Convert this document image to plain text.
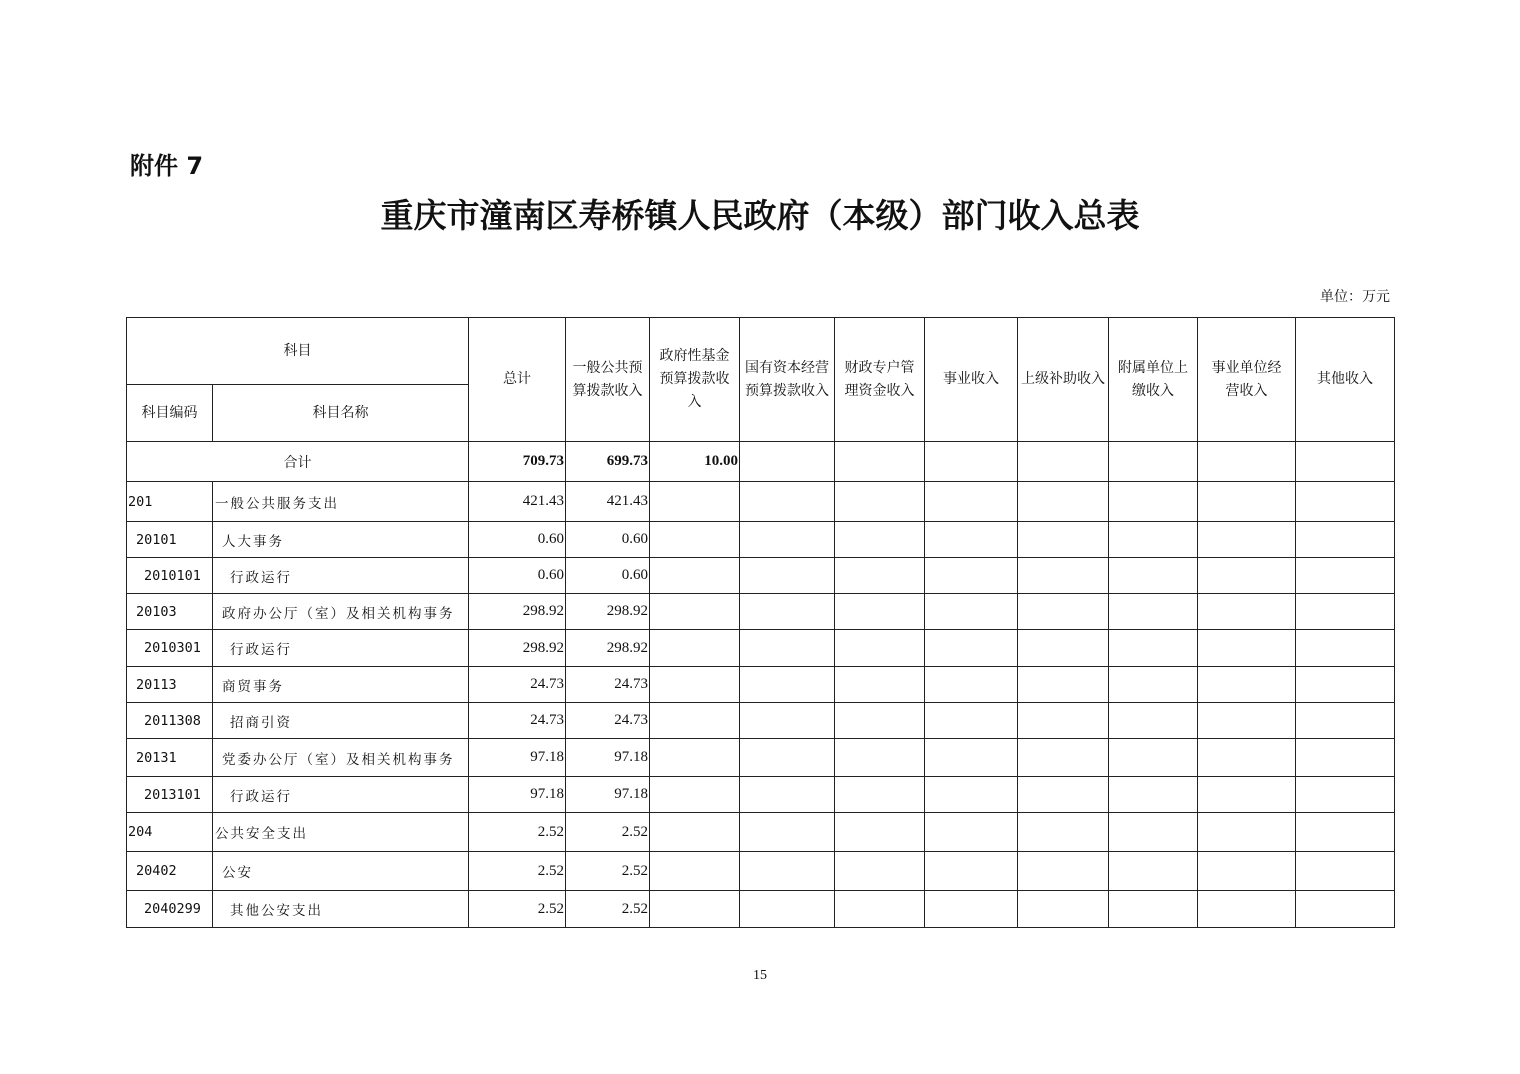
附件 7
重庆市潼南区寿桥镇人民政府（本级）部门收入总表
单位：万元
科目		总计	一般公共预算拨款收入	政府性基金预算拨款收入	国有资本经营预算拨款收入	财政专户管理资金收入	事业收入	上级补助收入	附属单位上缴收入	事业单位经营收入	其他收入
科目编码	科目名称										
合计		709.73	699.73	10.00							
201	一般公共服务支出	421.43	421.43								
20101	人大事务	0.60	0.60								
2010101	行政运行	0.60	0.60								
20103	政府办公厅（室）及相关机构事务	298.92	298.92								
2010301	行政运行	298.92	298.92								
20113	商贸事务	24.73	24.73								
2011308	招商引资	24.73	24.73								
20131	党委办公厅（室）及相关机构事务	97.18	97.18								
2013101	行政运行	97.18	97.18								
204	公共安全支出	2.52	2.52								
20402	公安	2.52	2.52								
2040299	其他公安支出	2.52	2.52								
15
